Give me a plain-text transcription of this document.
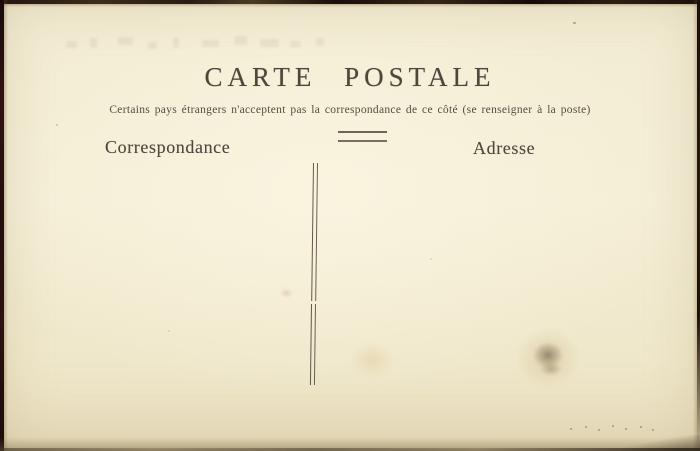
CARTE POSTALE

Certains pays étrangers n'acceptent pas la correspondance de ce côté (se renseigner à la poste)

Correspondance	Adresse
